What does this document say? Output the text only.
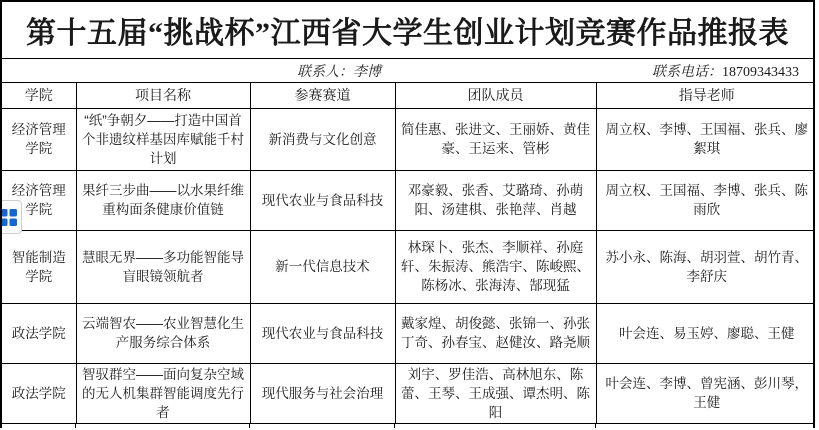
第十五届“挑战杯”江西省大学生创业计划竞赛作品推报表
联系人：李博	联系电话：18709343433
学院	项目名称	参赛赛道	团队成员	指导老师
经济管理学院	“纸”争朝夕——打造中国首个非遗纹样基因库赋能千村计划	新消费与文化创意	简佳惠、张进文、王丽娇、黄佳豪、王运来、管彬	周立权、李博、王国福、张兵、廖絮琪
经济管理学院	果纤三步曲——以水果纤维重构面条健康价值链	现代农业与食品科技	邓豪毅、张香、艾璐琦、孙萌阳、汤建棋、张艳萍、肖越	周立权、王国福、李博、张兵、陈雨欣
智能制造学院	慧眼无界——多功能智能导盲眼镜领航者	新一代信息技术	林琛卜、张杰、李顺祥、孙庭轩、朱振涛、熊浩宇、陈峻熙、陈杨冰、张海涛、郜现猛	苏小永、陈海、胡羽萱、胡竹青、李舒庆
政法学院	云端智农——农业智慧化生产服务综合体系	现代农业与食品科技	戴家煌、胡俊懿、张锦一、孙张丁奇、孙春宝、赵健汝、路尧顺	叶会连、易玉婷、廖聪、王健
政法学院	智驭群空——面向复杂空域的无人机集群智能调度先行者	现代服务与社会治理	刘宇、罗佳浩、高林旭东、陈蕾、王琴、王成强、谭杰明、陈阳	叶会连、李博、曾宪涵、彭川琴，王健
